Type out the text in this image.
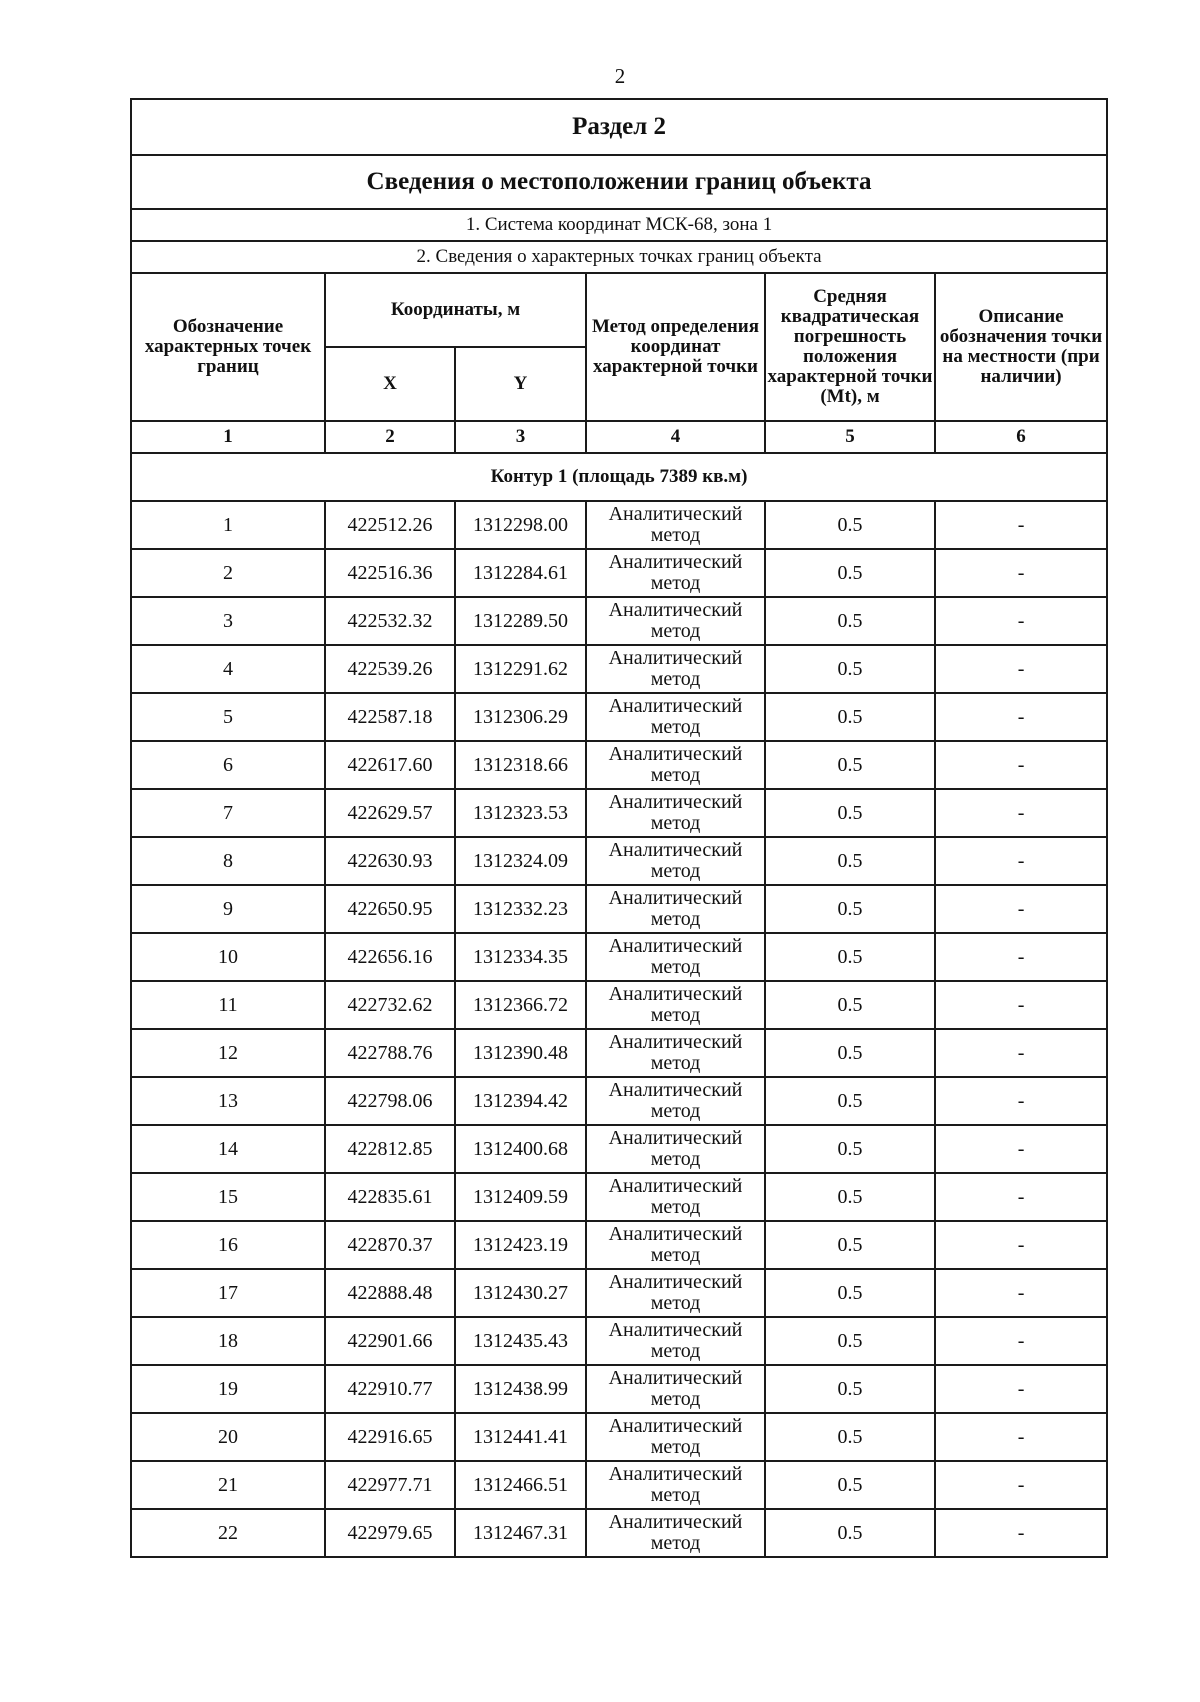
2
Раздел 2					
Сведения о местоположении границ объекта					
1. Система координат МСК-68, зона 1					
2. Сведения о характерных точках границ объекта					
Обозначение характерных точек границ	Координаты, м		Метод определения координат характерной точки	Средняя квадратическая погрешность положения характерной точки (Mt), м	Описание обозначения точки на местности (при наличии)
	X	Y			
1	2	3	4	5	6
Контур 1 (площадь 7389 кв.м)					
1	422512.26	1312298.00	Аналитический метод	0.5	-
2	422516.36	1312284.61	Аналитический метод	0.5	-
3	422532.32	1312289.50	Аналитический метод	0.5	-
4	422539.26	1312291.62	Аналитический метод	0.5	-
5	422587.18	1312306.29	Аналитический метод	0.5	-
6	422617.60	1312318.66	Аналитический метод	0.5	-
7	422629.57	1312323.53	Аналитический метод	0.5	-
8	422630.93	1312324.09	Аналитический метод	0.5	-
9	422650.95	1312332.23	Аналитический метод	0.5	-
10	422656.16	1312334.35	Аналитический метод	0.5	-
11	422732.62	1312366.72	Аналитический метод	0.5	-
12	422788.76	1312390.48	Аналитический метод	0.5	-
13	422798.06	1312394.42	Аналитический метод	0.5	-
14	422812.85	1312400.68	Аналитический метод	0.5	-
15	422835.61	1312409.59	Аналитический метод	0.5	-
16	422870.37	1312423.19	Аналитический метод	0.5	-
17	422888.48	1312430.27	Аналитический метод	0.5	-
18	422901.66	1312435.43	Аналитический метод	0.5	-
19	422910.77	1312438.99	Аналитический метод	0.5	-
20	422916.65	1312441.41	Аналитический метод	0.5	-
21	422977.71	1312466.51	Аналитический метод	0.5	-
22	422979.65	1312467.31	Аналитический метод	0.5	-
